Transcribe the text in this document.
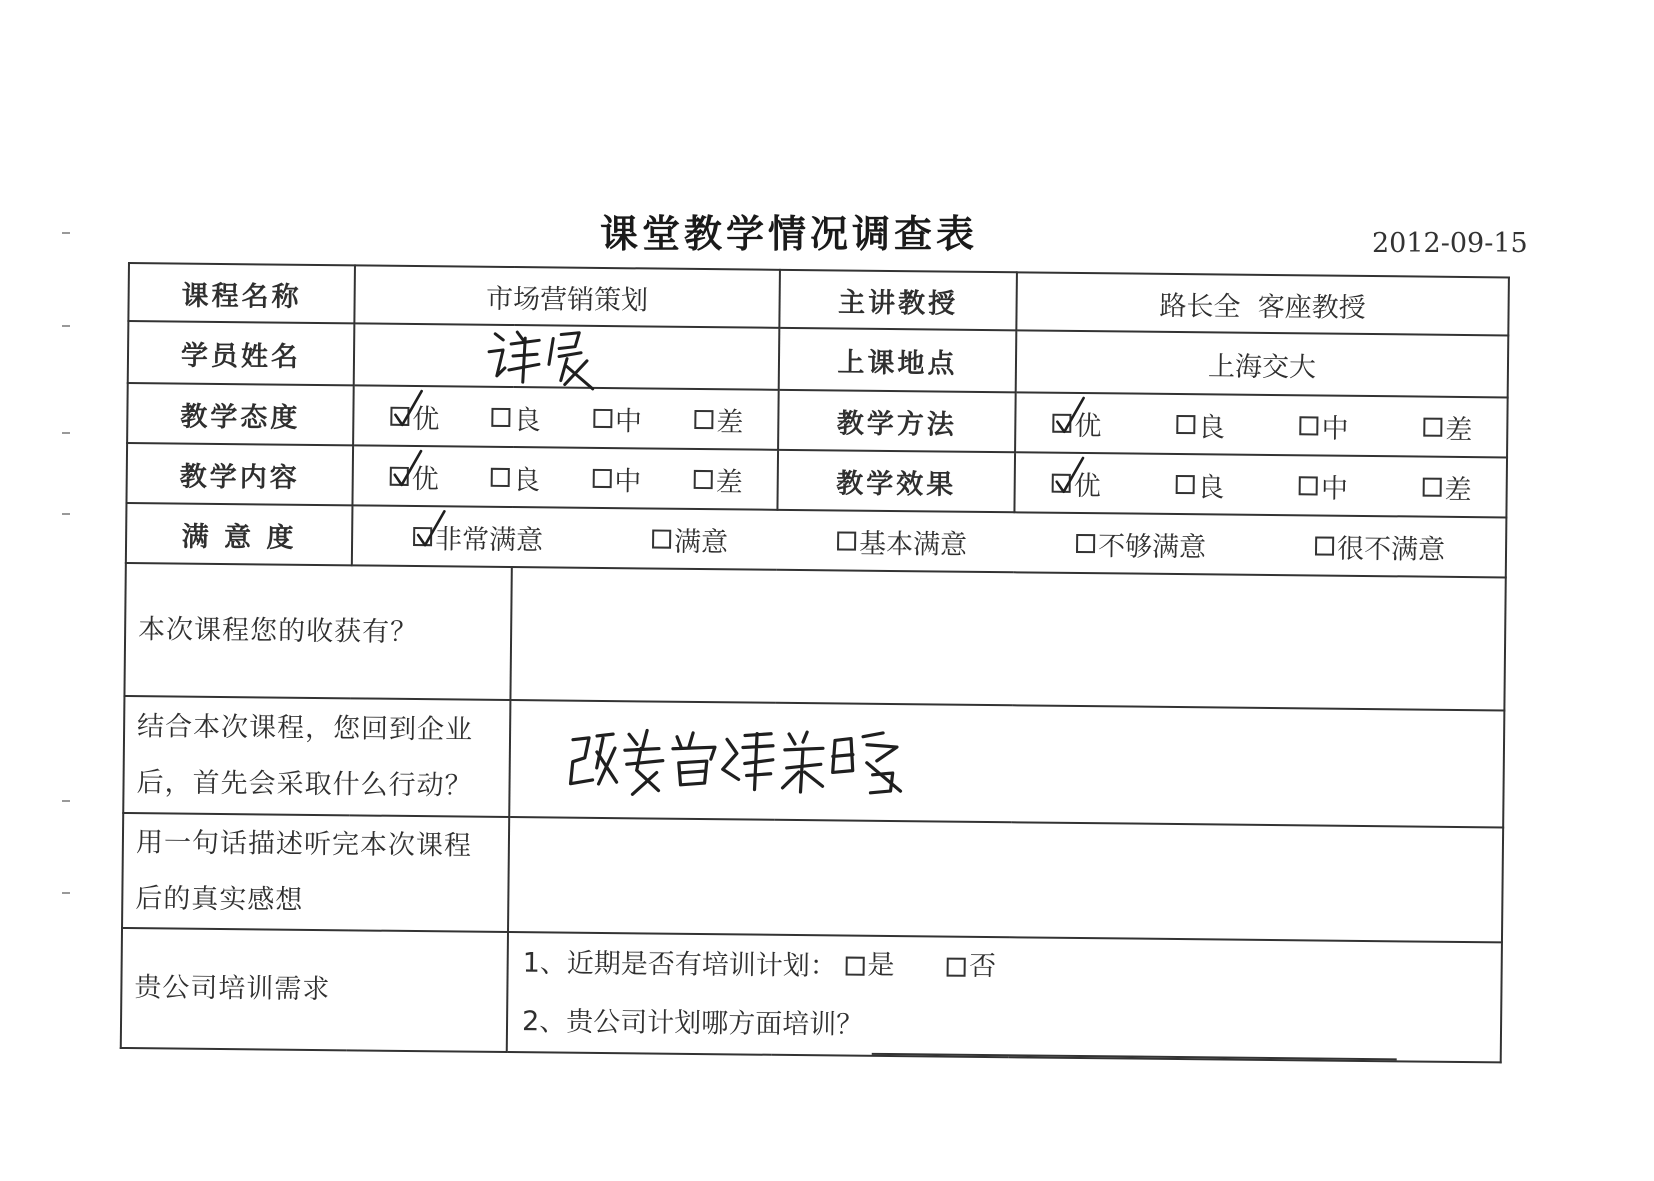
课堂教学情况调查表	2012-09-15
课程名称	市场营销策划		主讲教授	路长全  客座教授
学员姓名			上课地点	上海交大
教学态度	优 良 中 差		教学方法	优 良 中 差

教学内容	优 良 中 差		教学效果	优 良 中 差

满 意 度	非常满意 满意 基本满意 不够满意 很不满意			

本次课程您的收获有？				

结合本次课程，您回到企业
后，首先会采取什么行动？

用一句话描述听完本次课程
后的真实感想				

贵公司培训需求		1、近期是否有培训计划： 是
否
2、贵公司计划哪方面培训？		
